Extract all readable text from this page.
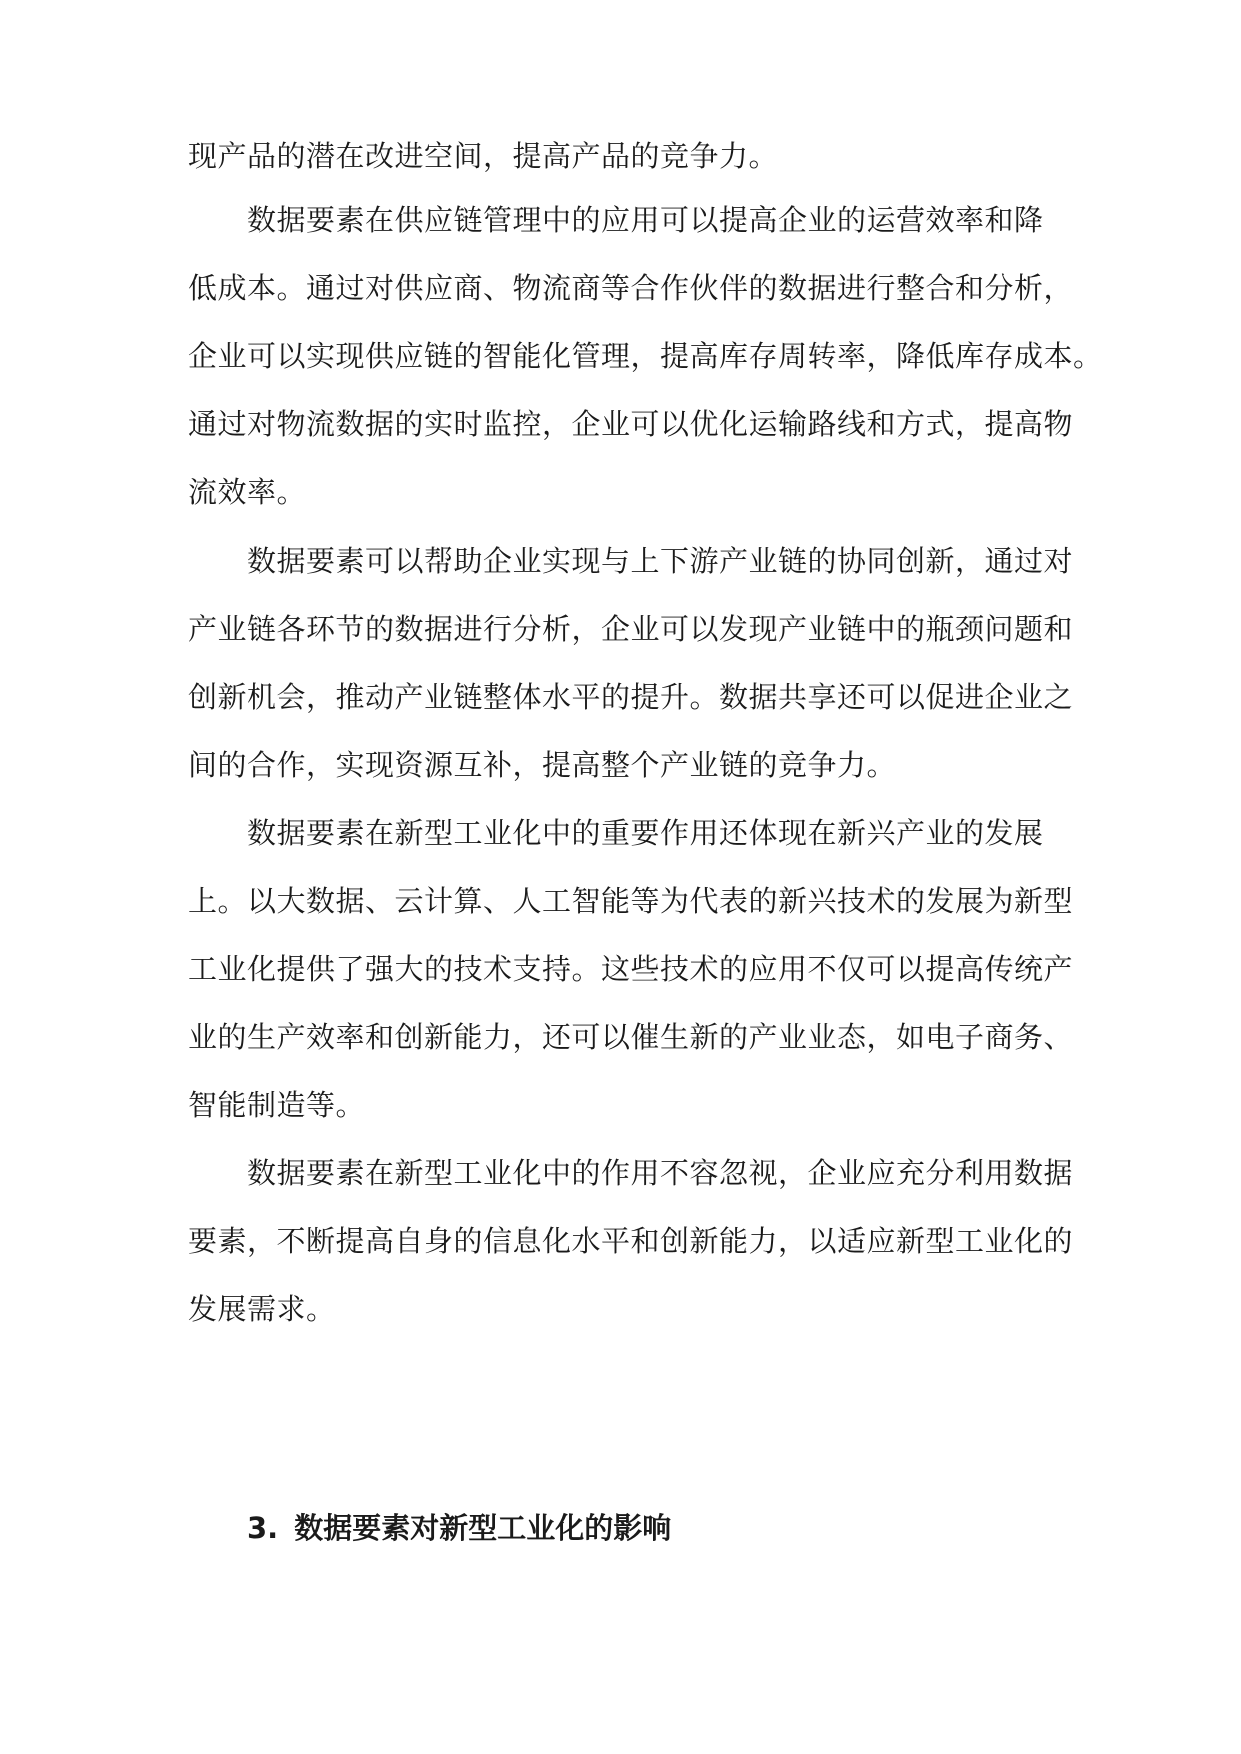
现产品的潜在改进空间，提高产品的竞争力。
数据要素在供应链管理中的应用可以提高企业的运营效率和降
低成本。通过对供应商、物流商等合作伙伴的数据进行整合和分析，
企业可以实现供应链的智能化管理，提高库存周转率，降低库存成本。
通过对物流数据的实时监控，企业可以优化运输路线和方式，提高物
流效率。
数据要素可以帮助企业实现与上下游产业链的协同创新，通过对
产业链各环节的数据进行分析，企业可以发现产业链中的瓶颈问题和
创新机会，推动产业链整体水平的提升。数据共享还可以促进企业之
间的合作，实现资源互补，提高整个产业链的竞争力。
数据要素在新型工业化中的重要作用还体现在新兴产业的发展
上。以大数据、云计算、人工智能等为代表的新兴技术的发展为新型
工业化提供了强大的技术支持。这些技术的应用不仅可以提高传统产
业的生产效率和创新能力，还可以催生新的产业业态，如电子商务、
智能制造等。
数据要素在新型工业化中的作用不容忽视，企业应充分利用数据
要素，不断提高自身的信息化水平和创新能力，以适应新型工业化的
发展需求。
3. 数据要素对新型工业化的影响
